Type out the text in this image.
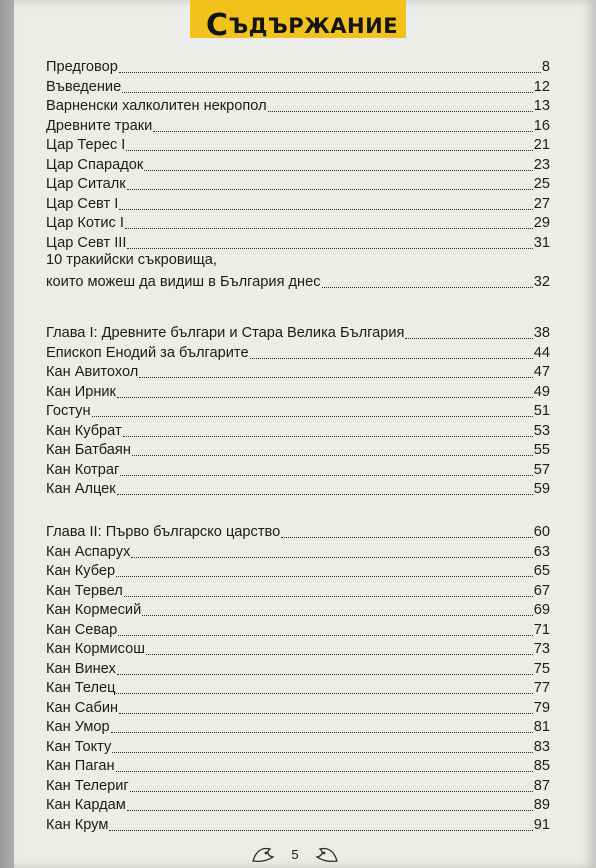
СЪДЪРЖАНИЕ
Предговор	8
Въведение	12
Варненски халколитен некропол	13
Древните траки	16
Цар Терес I	21
Цар Спарадок	23
Цар Ситалк	25
Цар Севт I	27
Цар Котис I	29
Цар Севт III	31
10 тракийски съкровища,
които можеш да видиш в България днес	32
Глава I: Древните българи и Стара Велика България	38
Епископ Енодий за българите	44
Кан Авитохол	47
Кан Ирник	49
Гостун	51
Кан Кубрат	53
Кан Батбаян	55
Кан Котраг	57
Кан Алцек	59
Глава II: Първо българско царство	60
Кан Аспарух	63
Кан Кубер	65
Кан Тервел	67
Кан Кормесий	69
Кан Севар	71
Кан Кормисош	73
Кан Винех	75
Кан Телец	77
Кан Сабин	79
Кан Умор	81
Кан Токту	83
Кан Паган	85
Кан Телериг	87
Кан Кардам	89
Кан Крум	91
5
